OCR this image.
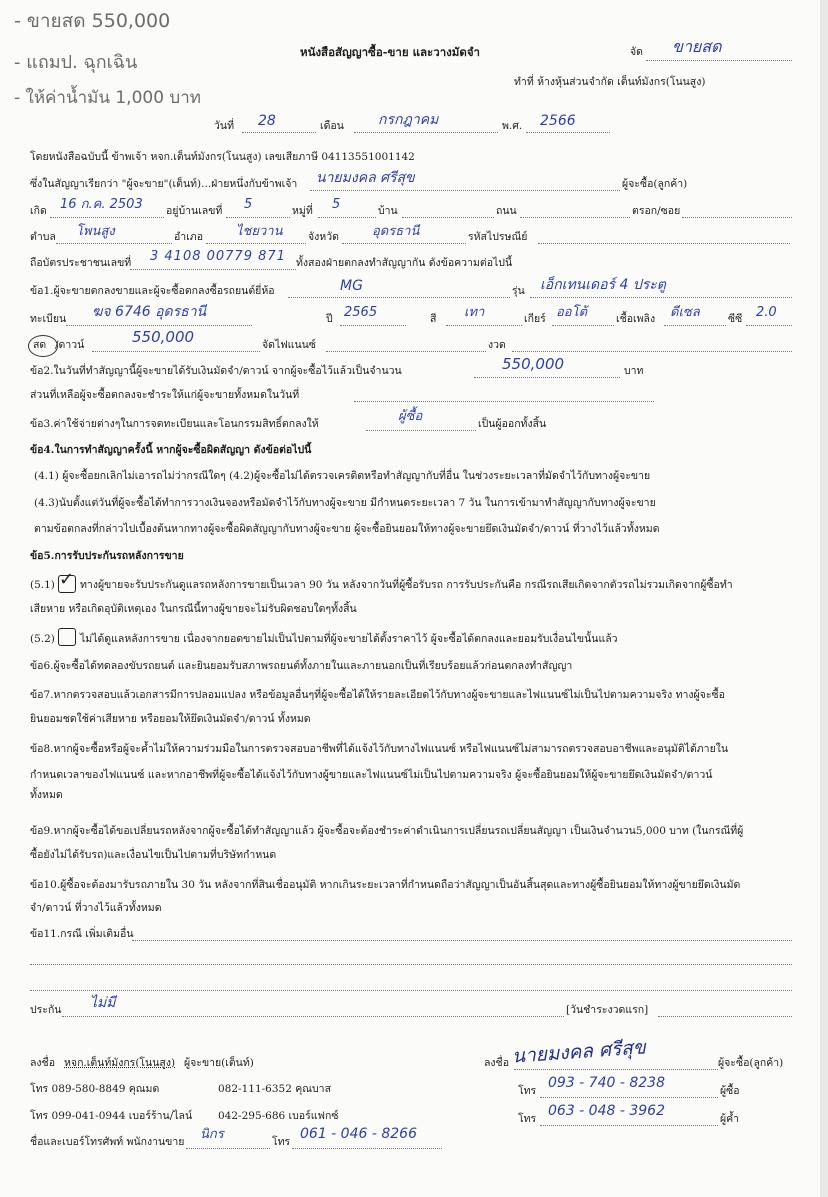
- ขายสด 550,000
- แถมป. ฉุกเฉิน
- ให้ค่าน้ำมัน 1,000 บาท
หนังสือสัญญาซื้อ-ขาย และวางมัดจำ	จัด ขายสด
ทำที่ ห้างหุ้นส่วนจำกัด เต็นท์มังกร(โนนสูง)
วันที่ 28	เดือน กรกฎาคม	พ.ศ. 2566
โดยหนังสือฉบับนี้ ข้าพเจ้า หจก.เต็นท์มังกร(โนนสูง) เลขเสียภาษี 04113551001142
ซึ่งในสัญญาเรียกว่า "ผู้จะขาย"(เต็นท์)...ฝ่ายหนึ่งกับข้าพเจ้า นายมงคล ศรีสุข	ผู้จะซื้อ(ลูกค้า)
เกิด 16 ก.ค. 2503 อยู่บ้านเลขที่ 5	หมู่ที่ 5	บ้าน	ถนน	ตรอก/ซอย
ตำบล โพนสูง	อำเภอ	ไชยวาน จังหวัด	อุดรธานี	รหัสไปรษณีย์
ถือบัตรประชาชนเลขที่ 3 4108 00779 871 ทั้งสองฝ่ายตกลงทำสัญญากัน ดังข้อความต่อไปนี้
ข้อ1.ผู้จะขายตกลงขายและผู้จะซื้อตกลงซื้อรถยนต์ยี่ห้อ	MG	รุ่น เอ็กเทนเดอร์ 4 ประตู
ทะเบียน ฆจ 6746 อุดรธานี	ปี 2565	สี เทา	เกียร์ ออโต้	เชื้อเพลิง ดีเซล	ซีซี 2.0
สด /ดาวน์	550,000	จัดไฟแนนซ์	งวด
ข้อ2.ในวันที่ทำสัญญานี้ผู้จะขายได้รับเงินมัดจำ/ดาวน์ จากผู้จะซื้อไว้แล้วเป็นจำนวน	550,000	บาท
ส่วนที่เหลือผู้จะซื้อตกลงจะชำระให้แก่ผู้จะขายทั้งหมดในวันที่
ข้อ3.ค่าใช้จ่ายต่างๆในการจดทะเบียนและโอนกรรมสิทธิ์ตกลงให้	ผู้ซื้อ	เป็นผู้ออกทั้งสิ้น
ข้อ4.ในการทำสัญญาครั้งนี้ หากผู้จะซื้อผิดสัญญา ดังข้อต่อไปนี้
(4.1) ผู้จะซื้อยกเลิกไม่เอารถไม่ว่ากรณีใดๆ (4.2)ผู้จะซื้อไม่ได้ตรวจเครดิตหรือทำสัญญากับที่อื่น ในช่วงระยะเวลาที่มัดจำไว้กับทางผู้จะขาย
(4.3)นับตั้งแต่วันที่ผู้จะซื้อได้ทำการวางเงินจองหรือมัดจำไว้กับทางผู้จะขาย มีกำหนดระยะเวลา 7 วัน ในการเข้ามาทำสัญญากับทางผู้จะขาย
ตามข้อตกลงที่กล่าวไปเบื้องต้นหากทางผู้จะซื้อผิดสัญญากับทางผู้จะขาย ผู้จะซื้อยินยอมให้ทางผู้จะขายยึดเงินมัดจำ/ดาวน์ ที่วางไว้แล้วทั้งหมด
ข้อ5.การรับประกันรถหลังการขาย
(5.1) ✓ ทางผู้ขายจะรับประกันดูแลรถหลังการขายเป็นเวลา 90 วัน หลังจากวันที่ผู้ซื้อรับรถ การรับประกันคือ กรณีรถเสียเกิดจากตัวรถไม่รวมเกิดจากผู้ซื้อทำ
เสียหาย หรือเกิดอุบัติเหตุเอง ในกรณีนี้ทางผู้ขายจะไม่รับผิดชอบใดๆทั้งสิ้น
(5.2) ไม่ได้ดูแลหลังการขาย เนื่องจากยอดขายไม่เป็นไปตามที่ผู้จะขายได้ตั้งราคาไว้ ผู้จะซื้อได้ตกลงและยอมรับเงื่อนไขนั้นแล้ว
ข้อ6.ผู้จะซื้อได้ทดลองขับรถยนต์ และยินยอมรับสภาพรถยนต์ทั้งภายในและภายนอกเป็นที่เรียบร้อยแล้วก่อนตกลงทำสัญญา
ข้อ7.หากตรวจสอบแล้วเอกสารมีการปลอมแปลง หรือข้อมูลอื่นๆที่ผู้จะซื้อได้ให้รายละเอียดไว้กับทางผู้จะขายและไฟแนนซ์ไม่เป็นไปตามความจริง ทางผู้จะซื้อ
ยินยอมชดใช้ค่าเสียหาย หรือยอมให้ยึดเงินมัดจำ/ดาวน์ ทั้งหมด
ข้อ8.หากผู้จะซื้อหรือผู้จะค้ำไม่ให้ความร่วมมือในการตรวจสอบอาชีพที่ได้แจ้งไว้กับทางไฟแนนซ์ หรือไฟแนนซ์ไม่สามารถตรวจสอบอาชีพและอนุมัติได้ภายใน
กำหนดเวลาของไฟแนนซ์ และหากอาชีพที่ผู้จะซื้อได้แจ้งไว้กับทางผู้ขายและไฟแนนซ์ไม่เป็นไปตามความจริง ผู้จะซื้อยินยอมให้ผู้จะขายยึดเงินมัดจำ/ดาวน์
ทั้งหมด
ข้อ9.หากผู้จะซื้อได้ขอเปลี่ยนรถหลังจากผู้จะซื้อได้ทำสัญญาแล้ว ผู้จะซื้อจะต้องชำระค่าดำเนินการเปลี่ยนรถเปลี่ยนสัญญา เป็นเงินจำนวน5,000 บาท (ในกรณีที่ผู้
ซื้อยังไม่ได้รับรถ)และเงื่อนไขเป็นไปตามที่บริษัทกำหนด
ข้อ10.ผู้ซื้อจะต้องมารับรถภายใน 30 วัน หลังจากที่สินเชื่ออนุมัติ หากเกินระยะเวลาที่กำหนดถือว่าสัญญาเป็นอันสิ้นสุดและทางผู้ซื้อยินยอมให้ทางผู้ขายยึดเงินมัด
จำ/ดาวน์ ที่วางไว้แล้วทั้งหมด
ข้อ11.กรณี เพิ่มเติมอื่น
ประกัน ไม่มี	[วันชำระงวดแรก]
ลงชื่อ หจก.เต็นท์มังกร(โนนสูง) ผู้จะขาย(เต็นท์)
โทร 089-580-8849 คุณมด	082-111-6352 คุณบาส
โทร 099-041-0944 เบอร์ร้าน/ไลน์ 042-295-686 เบอร์แฟกซ์
ชื่อและเบอร์โทรศัพท์ พนักงานขาย นิกร	โทร 061 - 046 - 8266
ลงชื่อ นายมงคล ศรีสุข	ผู้จะซื้อ(ลูกค้า)
โทร 093 - 740 - 8238	ผู้ซื้อ
โทร 063 - 048 - 3962	ผู้ค้ำ
